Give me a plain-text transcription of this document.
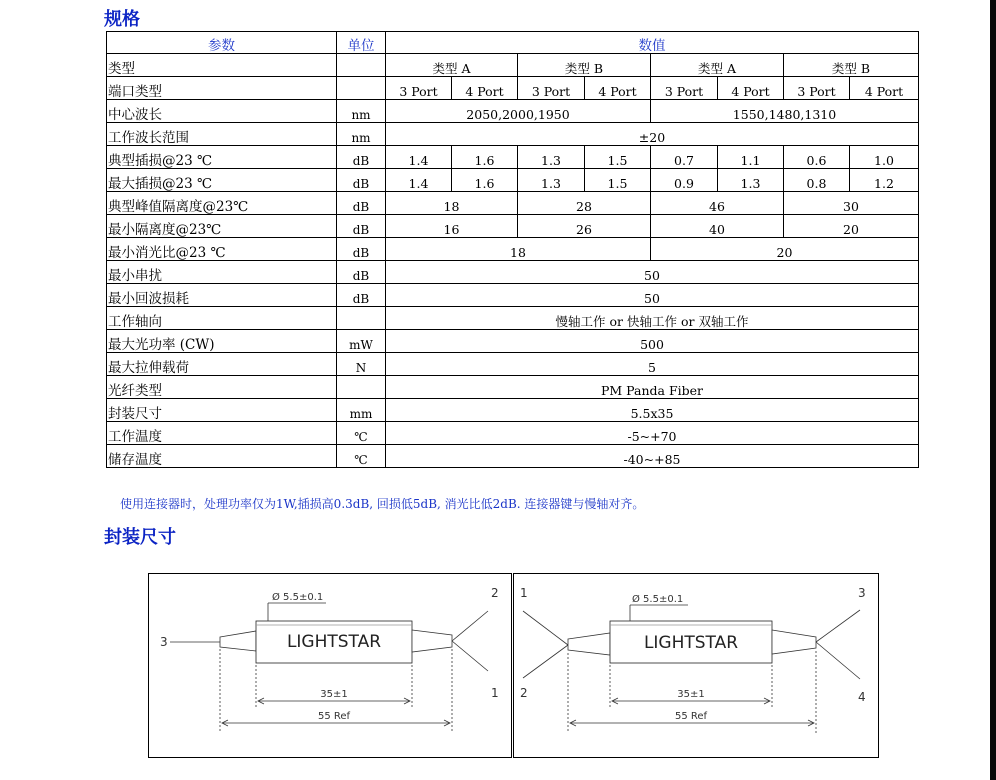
规格
参数	单位	数值							
类型		类型 A		类型 B		类型 A		类型 B	
端口类型		3 Port	4 Port	3 Port	4 Port	3 Port	4 Port	3 Port	4 Port
中心波长	nm	2050,2000,1950				1550,1480,1310			
工作波长范围	nm	±20							
典型插损@23 ℃	dB	1.4	1.6	1.3	1.5	0.7	1.1	0.6	1.0
最大插损@23 ℃	dB	1.4	1.6	1.3	1.5	0.9	1.3	0.8	1.2
典型峰值隔离度@23℃	dB	18		28		46		30	
最小隔离度@23℃	dB	16		26		40		20	
最小消光比@23 ℃	dB	18				20			
最小串扰	dB	50							
最小回波损耗	dB	50							
工作轴向		慢轴工作 or 快轴工作 or 双轴工作							
最大光功率 (CW)	mW	500							
最大拉伸载荷	N	5							
光纤类型		PM Panda Fiber							
封装尺寸	mm	5.5x35							
工作温度	℃	-5~+70							
储存温度	℃	-40~+85							
使用连接器时，处理功率仅为1W,插损高0.3dB, 回损低5dB, 消光比低2dB. 连接器键与慢轴对齐。
封装尺寸
Ø 5.5±0.1
LIGHTSTAR
35±1
55 Ref
3
2
1
Ø 5.5±0.1
LIGHTSTAR
35±1
55 Ref
1
2
3
4
